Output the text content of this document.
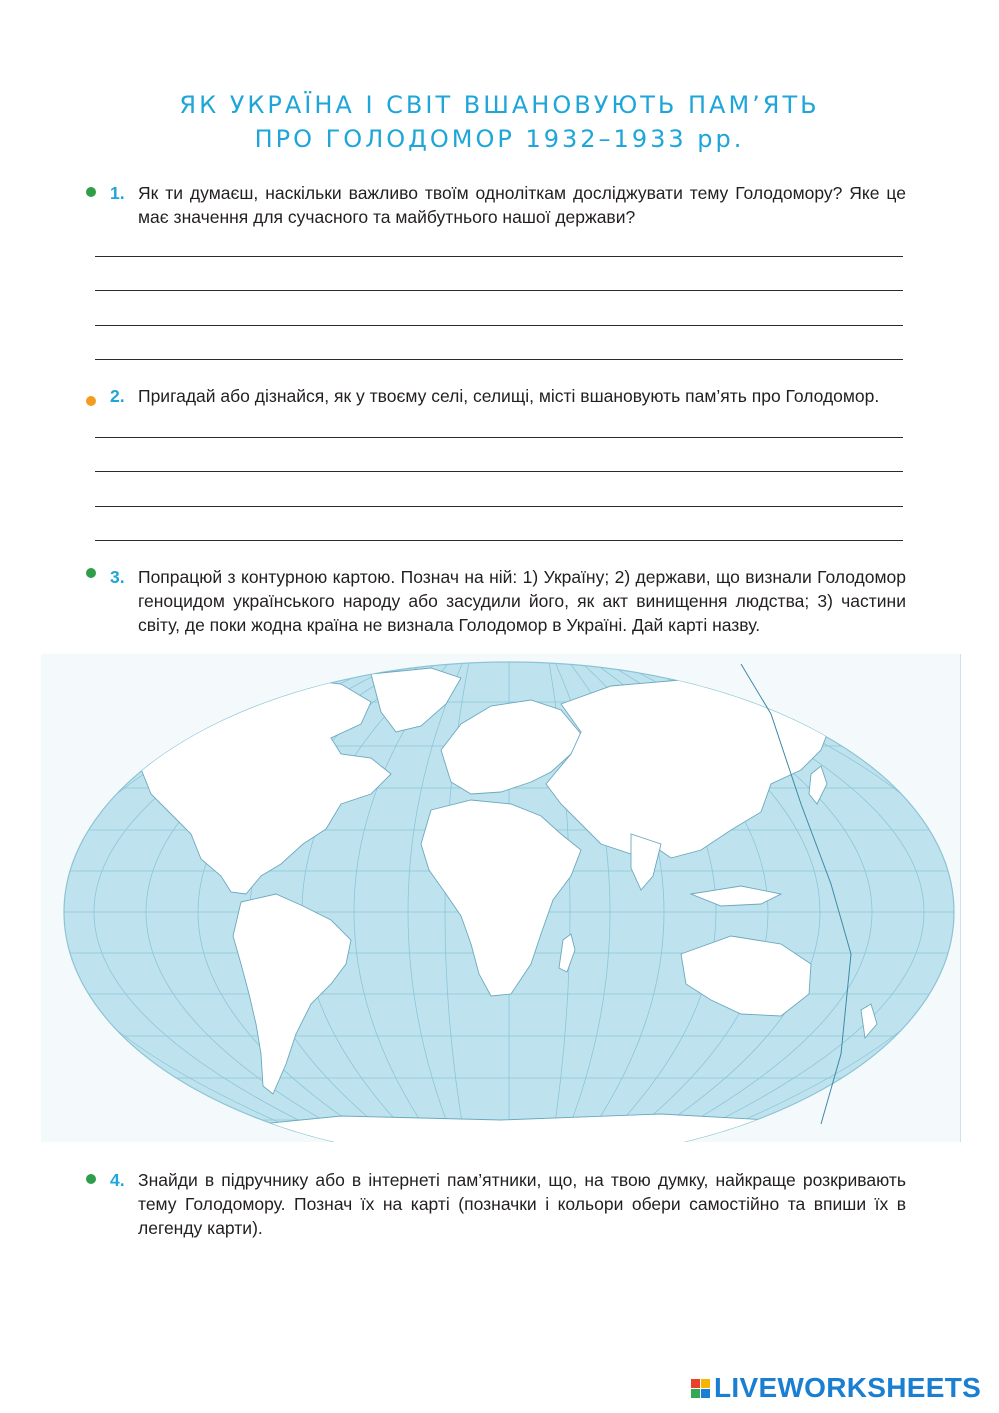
ЯК УКРАЇНА І СВІТ ВШАНОВУЮТЬ ПАМ’ЯТЬ
ПРО ГОЛОДОМОР 1932–1933 рр.
1. Як ти думаєш, наскільки важливо твоїм одноліткам досліджувати тему Голодомору? Яке це має значення для сучасного та майбутнього нашої держави?
2. Пригадай або дізнайся, як у твоєму селі, селищі, місті вшановують пам’ять про Голодомор.
3. Попрацюй з контурною картою. Познач на ній: 1) Україну; 2) держави, що визнали Голодомор геноцидом українського народу або засудили його, як акт винищення людства; 3) частини світу, де поки жодна країна не визнала Голодомор в Україні. Дай карті назву.
4. Знайди в підручнику або в інтернеті пам’ятники, що, на твою думку, найкраще розкривають тему Голодомору. Познач їх на карті (позначки і кольори обери самостійно та впиши їх в легенду карти).
LIVEWORKSHEETS
